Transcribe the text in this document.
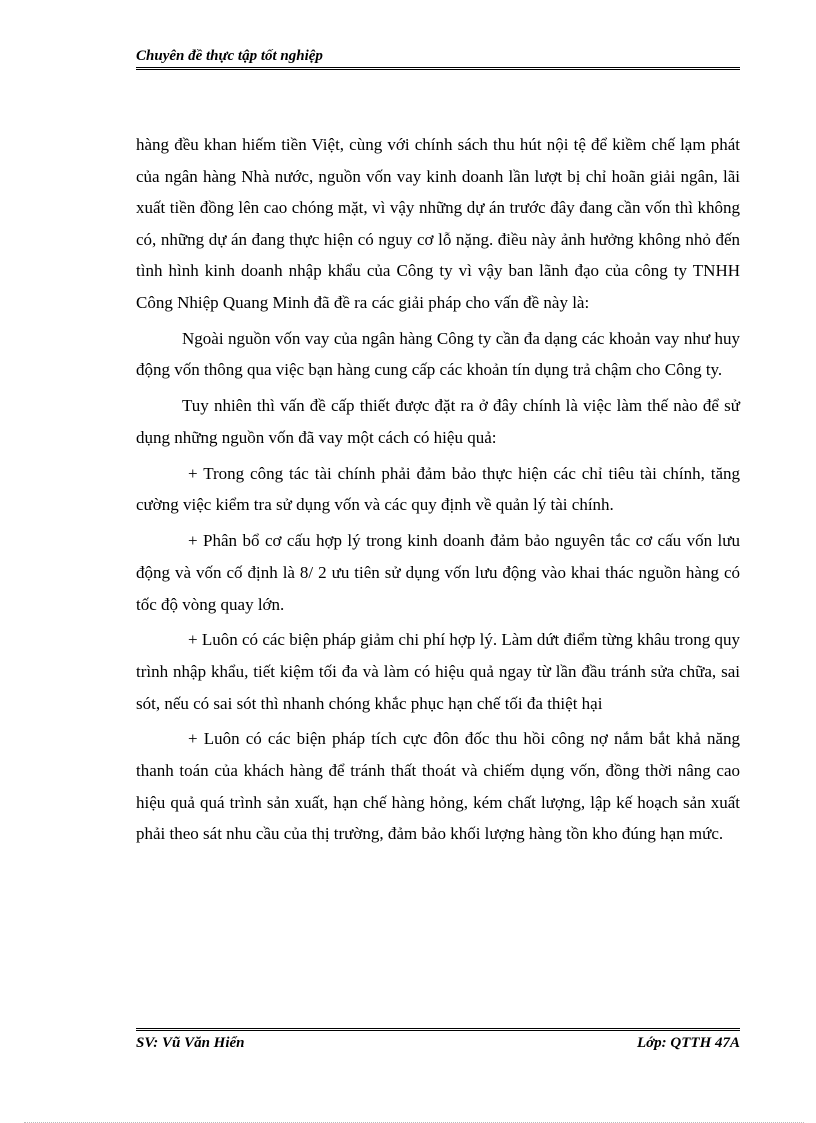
Chuyên đề thực tập tốt nghiệp

hàng đều khan hiếm tiền Việt, cùng với chính sách thu hút nội tệ để kiềm chế lạm phát của ngân hàng Nhà nước, nguồn vốn vay kinh doanh lần lượt bị chỉ hoãn giải ngân, lãi xuất tiền đồng lên cao chóng mặt, vì vậy những dự án trước đây đang cần vốn thì không có, những dự án đang thực hiện có nguy cơ lỗ nặng. điều này ảnh hưởng không nhỏ đến tình hình kinh doanh nhập khẩu của Công ty vì vậy ban lãnh đạo của công ty TNHH Công Nhiệp Quang Minh đã đề ra các giải pháp cho vấn đề này là:

Ngoài nguồn vốn vay của ngân hàng Công ty cần đa dạng các khoản vay như huy động vốn thông qua việc bạn hàng cung cấp các khoản tín dụng trả chậm cho Công ty.

Tuy nhiên thì vấn đề cấp thiết được đặt ra ở đây chính là việc làm thế nào để sử dụng những nguồn vốn đã vay một cách có hiệu quả:

+ Trong công tác tài chính phải đảm bảo thực hiện các chỉ tiêu tài chính, tăng cường việc kiểm tra sử dụng vốn và các quy định về quản lý tài chính.

+ Phân bổ cơ cấu hợp lý trong kinh doanh đảm bảo nguyên tắc cơ cấu vốn lưu động và vốn cố định là 8/ 2 ưu tiên sử dụng vốn lưu động vào khai thác nguồn hàng có tốc độ vòng quay lớn.

+ Luôn có các biện pháp giảm chi phí hợp lý. Làm dứt điểm từng khâu trong quy trình nhập khẩu, tiết kiệm tối đa và làm có hiệu quả ngay từ lần đầu tránh sửa chữa, sai sót, nếu có sai sót thì nhanh chóng khắc phục hạn chế tối đa thiệt hại

+ Luôn có các biện pháp tích cực đôn đốc thu hồi công nợ nắm bắt khả năng thanh toán của khách hàng để tránh thất thoát và chiếm dụng vốn, đồng thời nâng cao hiệu quả quá trình sản xuất, hạn chế hàng hỏng, kém chất lượng, lập kế hoạch sản xuất phải theo sát nhu cầu của thị trường, đảm bảo khối lượng hàng tồn kho đúng hạn mức.

SV: Vũ Văn Hiển	Lớp: QTTH 47A
